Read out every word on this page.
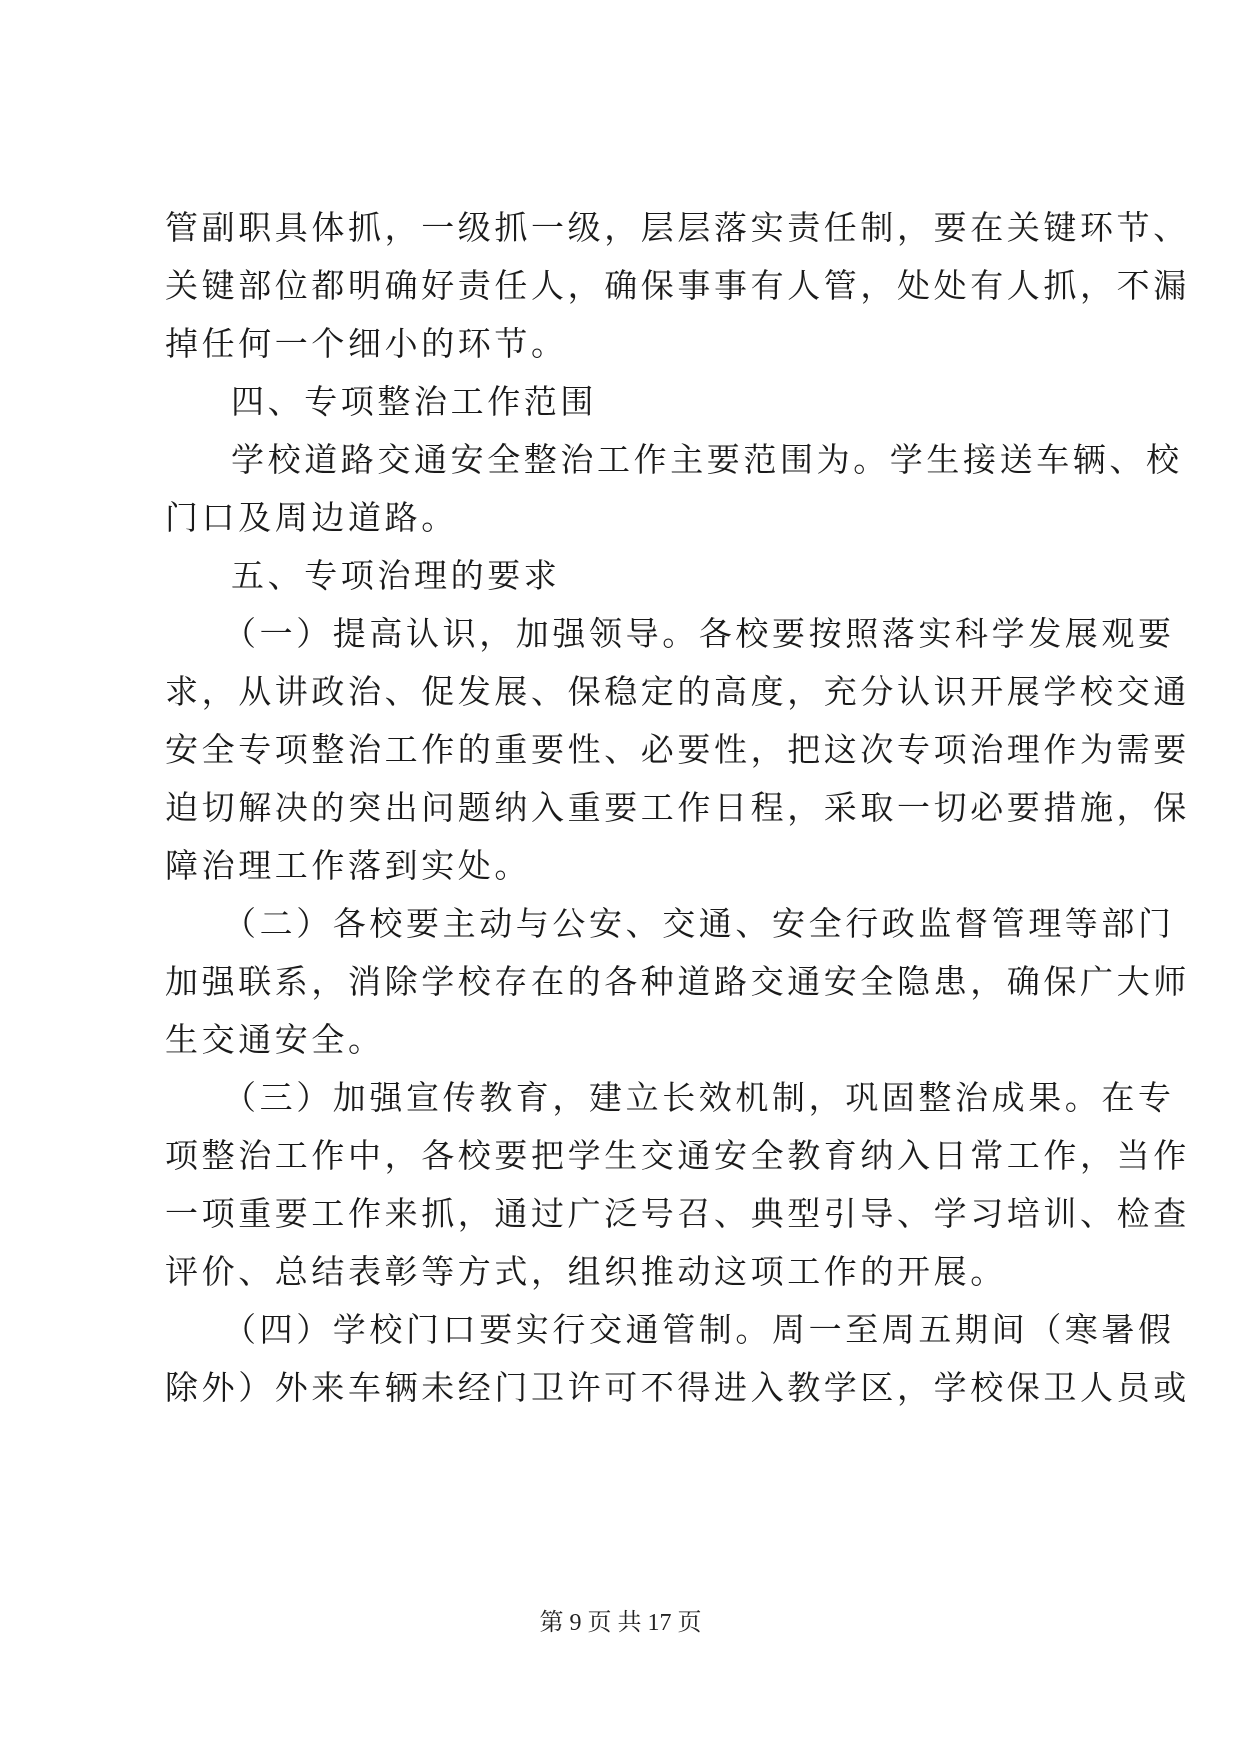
管副职具体抓，一级抓一级，层层落实责任制，要在关键环节、
关键部位都明确好责任人，确保事事有人管，处处有人抓，不漏
掉任何一个细小的环节。
四、专项整治工作范围
学校道路交通安全整治工作主要范围为。学生接送车辆、校
门口及周边道路。
五、专项治理的要求
（一）提高认识，加强领导。各校要按照落实科学发展观要
求，从讲政治、促发展、保稳定的高度，充分认识开展学校交通
安全专项整治工作的重要性、必要性，把这次专项治理作为需要
迫切解决的突出问题纳入重要工作日程，采取一切必要措施，保
障治理工作落到实处。
（二）各校要主动与公安、交通、安全行政监督管理等部门
加强联系，消除学校存在的各种道路交通安全隐患，确保广大师
生交通安全。
（三）加强宣传教育，建立长效机制，巩固整治成果。在专
项整治工作中，各校要把学生交通安全教育纳入日常工作，当作
一项重要工作来抓，通过广泛号召、典型引导、学习培训、检查
评价、总结表彰等方式，组织推动这项工作的开展。
（四）学校门口要实行交通管制。周一至周五期间（寒暑假
除外）外来车辆未经门卫许可不得进入教学区，学校保卫人员或
第 9 页 共 17 页
